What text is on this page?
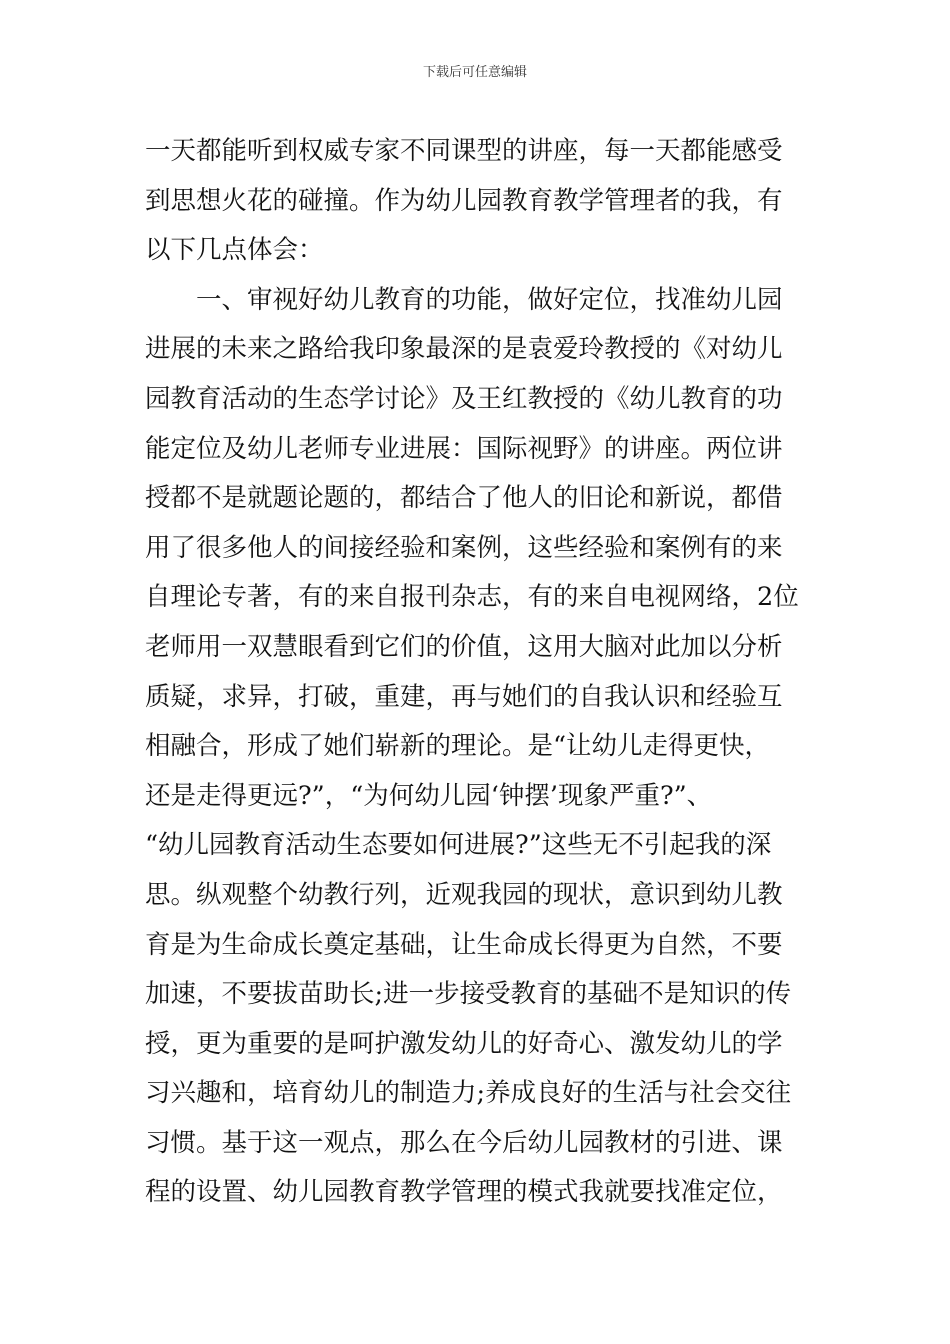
下载后可任意编辑
一天都能听到权威专家不同课型的讲座，每一天都能感受
到思想火花的碰撞。作为幼儿园教育教学管理者的我，有
以下几点体会：
　　一、审视好幼儿教育的功能，做好定位，找准幼儿园
进展的未来之路给我印象最深的是袁爱玲教授的《对幼儿
园教育活动的生态学讨论》及王红教授的《幼儿教育的功
能定位及幼儿老师专业进展：国际视野》的讲座。两位讲
授都不是就题论题的，都结合了他人的旧论和新说，都借
用了很多他人的间接经验和案例，这些经验和案例有的来
自理论专著，有的来自报刊杂志，有的来自电视网络，2位
老师用一双慧眼看到它们的价值，这用大脑对此加以分析
质疑，求异，打破，重建，再与她们的自我认识和经验互
相融合，形成了她们崭新的理论。是“让幼儿走得更快，
还是走得更远?”，“为何幼儿园‘钟摆’现象严重?”、
“幼儿园教育活动生态要如何进展?”这些无不引起我的深
思。纵观整个幼教行列，近观我园的现状，意识到幼儿教
育是为生命成长奠定基础，让生命成长得更为自然，不要
加速，不要拔苗助长;进一步接受教育的基础不是知识的传
授，更为重要的是呵护激发幼儿的好奇心、激发幼儿的学
习兴趣和，培育幼儿的制造力;养成良好的生活与社会交往
习惯。基于这一观点，那么在今后幼儿园教材的引进、课
程的设置、幼儿园教育教学管理的模式我就要找准定位，
